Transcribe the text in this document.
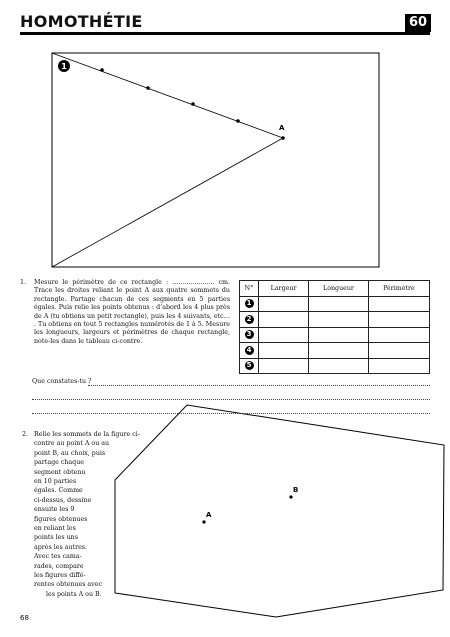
HOMOTHÉTIE	60
1
A
A
B
1. Mesure le périmètre de ce rectangle : ..................... cm. Trace les droites reliant le point A aux quatre sommets du rectangle. Partage chacun de ces segments en 5 parties égales. Puis relie les points obtenus : d’abord les 4 plus près de A (tu obtiens un petit rectangle), puis les 4 suivants, etc… . Tu obtiens en tout 5 rectangles numérotés de 1 à 5. Mesure les longueurs, largeurs et périmètres de chaque rectangle, note-les dans le tableau ci-contre.
N°	Largeur	Longueur	Périmètre
1			
2			
3			
4			
5			
Que constates-tu ?
2. Relie les sommets de la figure ci-
contre au point A ou au
point B, au choix, puis
partage chaque
segment obtenu
en 10 parties
égales. Comme
ci-dessus, dessine
ensuite les 9
figures obtenues
en reliant les
points les uns
après les autres.
Avec tes cama-
rades, compare
les figures diffé-
rentes obtenues avec
les points A ou B.
68
